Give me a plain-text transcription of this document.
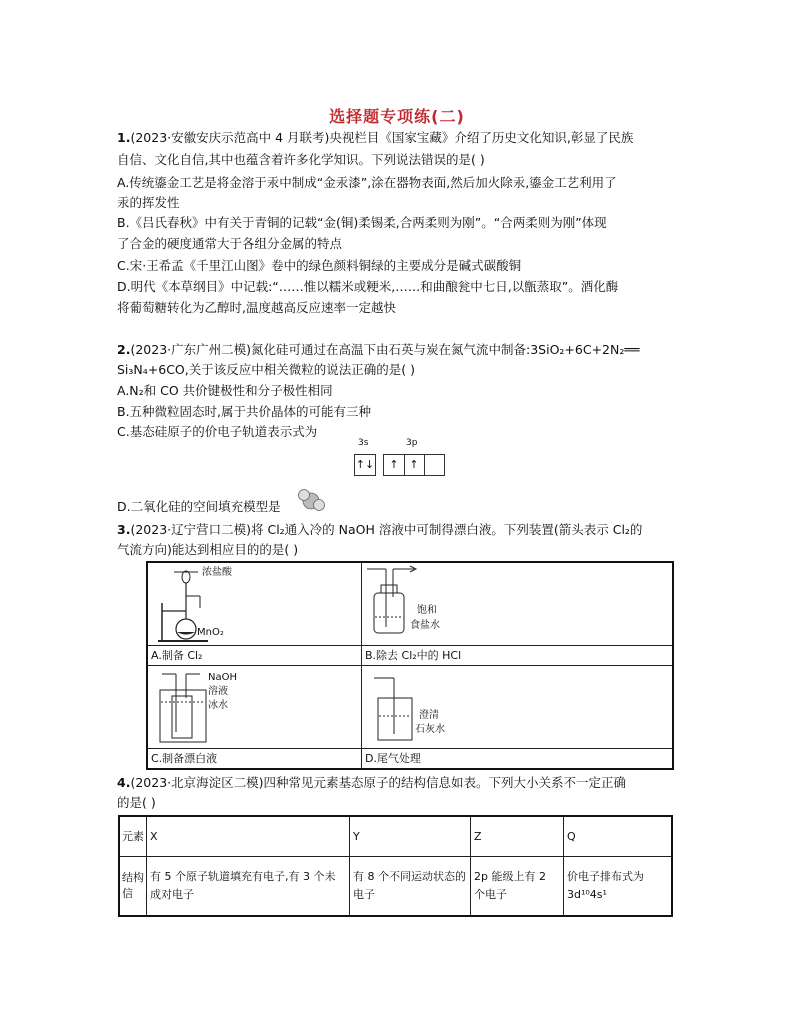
选择题专项练(二)
1.(2023·安徽安庆示范高中 4 月联考)央视栏目《国家宝藏》介绍了历史文化知识,彰显了民族
自信、文化自信,其中也蕴含着许多化学知识。下列说法错误的是( )
A.传统鎏金工艺是将金溶于汞中制成“金汞漆”,涂在器物表面,然后加火除汞,鎏金工艺利用了
汞的挥发性
B.《吕氏春秋》中有关于青铜的记载“金(铜)柔锡柔,合两柔则为刚”。“合两柔则为刚”体现
了合金的硬度通常大于各组分金属的特点
C.宋·王希孟《千里江山图》卷中的绿色颜料铜绿的主要成分是碱式碳酸铜
D.明代《本草纲目》中记载:“……惟以糯米或粳米,……和曲酿瓮中七日,以甑蒸取”。酒化酶
将葡萄糖转化为乙醇时,温度越高反应速率一定越快
2.(2023·广东广州二模)氮化硅可通过在高温下由石英与炭在氮气流中制备:3SiO₂+6C+2N₂══
Si₃N₄+6CO,关于该反应中相关微粒的说法正确的是( )
A.N₂和 CO 共价键极性和分子极性相同
B.五种微粒固态时,属于共价晶体的可能有三种
C.基态硅原子的价电子轨道表示式为
3s	3p
↑↓	↑ ↑
D.二氧化硅的空间填充模型是
3.(2023·辽宁营口二模)将 Cl₂通入冷的 NaOH 溶液中可制得漂白液。下列装置(箭头表示 Cl₂的
气流方向)能达到相应目的的是( )
浓盐酸
MnO₂	饱和
食盐水

A.制备 Cl₂	B.除去 Cl₂中的 HCl

NaOH
溶液
冰水	澄清
石灰水

C.制备漂白液	D.尾气处理
4.(2023·北京海淀区二模)四种常见元素基态原子的结构信息如表。下列大小关系不一定正确
的是( )
元素	X	Y	Z	Q
结构信	有 5 个原子轨道填充有电子,有 3 个未成对电子	有 8 个不同运动状态的电子	2p 能级上有 2 个电子	价电子排布式为 3d¹⁰4s¹
